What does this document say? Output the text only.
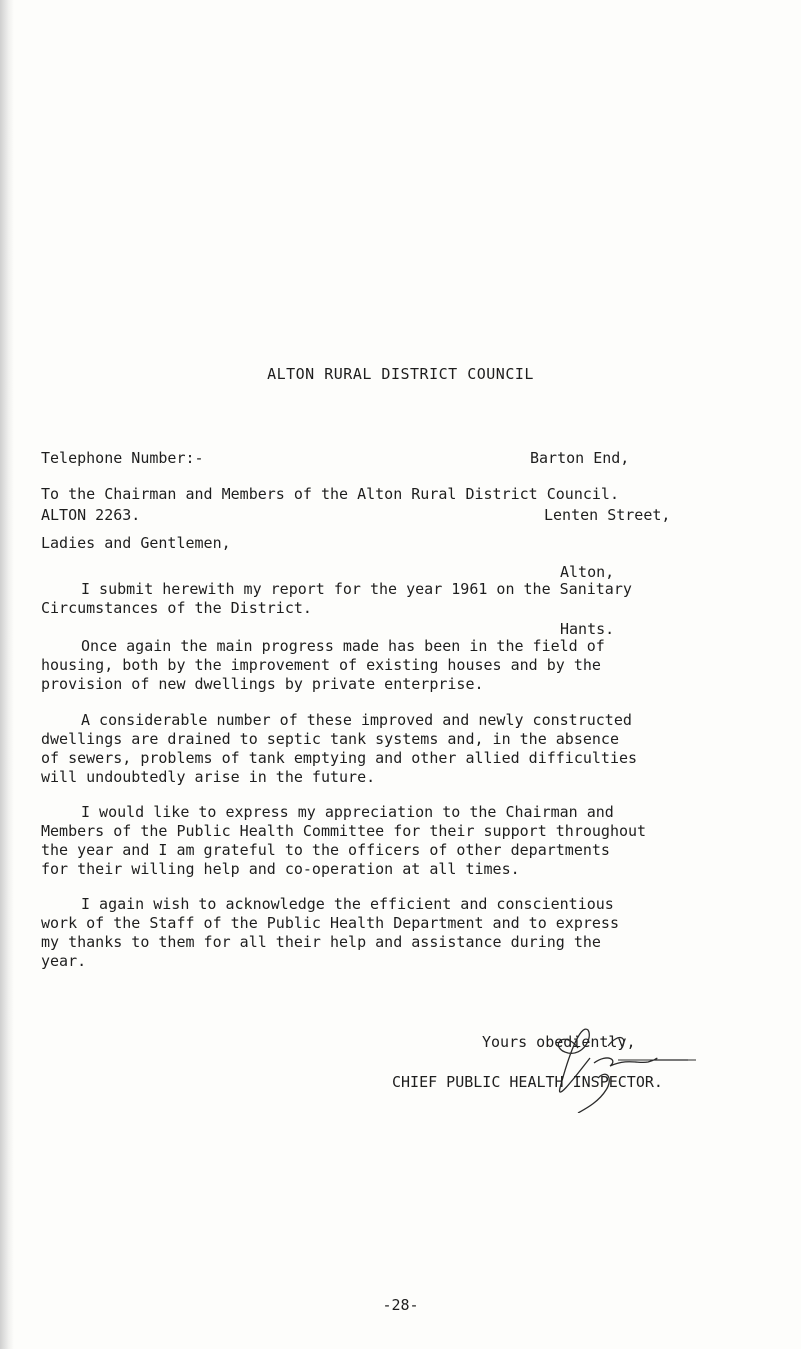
ALTON RURAL DISTRICT COUNCIL

Telephone Number:-

ALTON 2263.

Barton End,

Lenten Street,

Alton,

Hants.

To the Chairman and Members of the Alton Rural District Council.
Ladies and Gentlemen,
I submit herewith my report for the year 1961 on the Sanitary
Circumstances of the District.
Once again the main progress made has been in the field of
housing, both by the improvement of existing houses and by the
provision of new dwellings by private enterprise.
A considerable number of these improved and newly constructed
dwellings are drained to septic tank systems and, in the absence
of sewers, problems of tank emptying and other allied difficulties
will undoubtedly arise in the future.
I would like to express my appreciation to the Chairman and
Members of the Public Health Committee for their support throughout
the year and I am grateful to the officers of other departments
for their willing help and co-operation at all times.
I again wish to acknowledge the efficient and conscientious
work of the Staff of the Public Health Department and to express
my thanks to them for all their help and assistance during the
year.
Yours obediently,
CHIEF PUBLIC HEALTH INSPECTOR.
-28-
